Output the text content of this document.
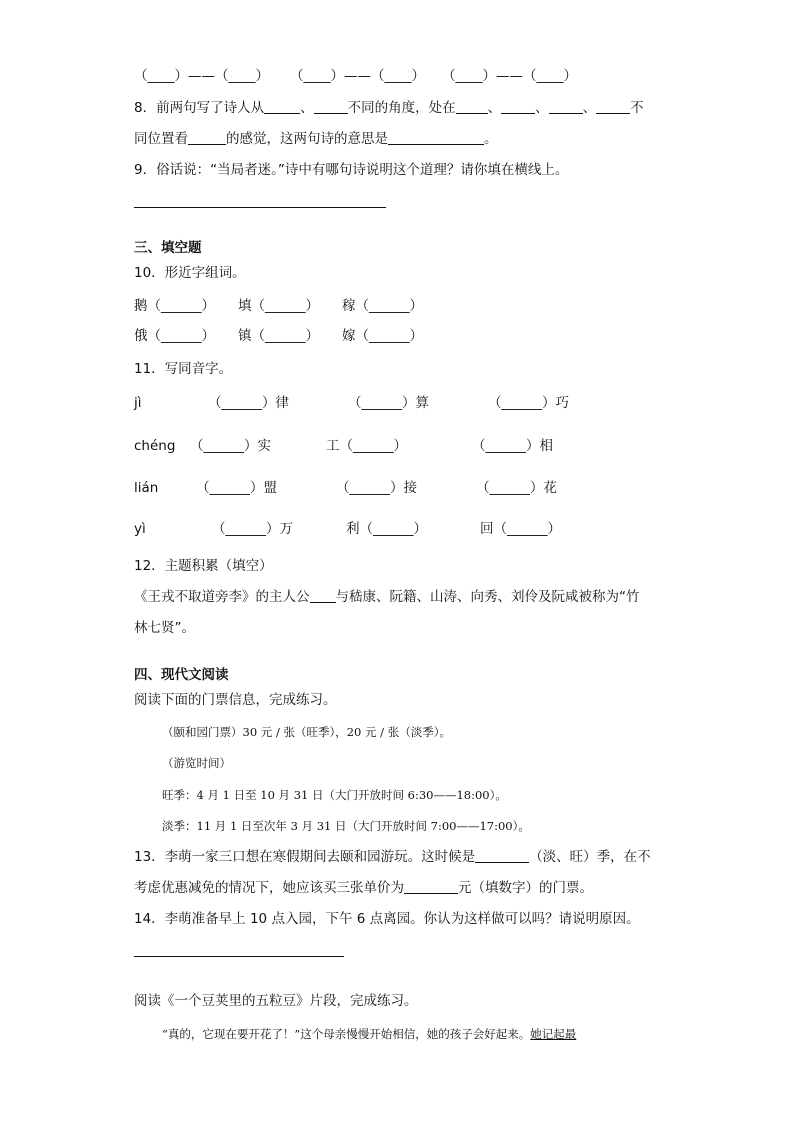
（____）——（____） （____）——（____） （____）——（____）
8．前两句写了诗人从	、	不同的角度，处在 、	、	、	不
同位置看	的感觉，这两句诗的意思是	。
9．俗话说：“当局者迷。”诗中有哪句诗说明这个道理？请你填在横线上。
三、填空题
10．形近字组词。
鹅（______） 填（______） 稼（______）
俄（______） 镇（______） 嫁（______）
11．写同音字。
jì	（______）律	（______）算	（______）巧
chéng （______）实	工（______）	（______）相
lián	（______）盟	（______）接	（______）花
yì	（______）万	利（______）	回（______）
12．主题积累（填空）
《王戎不取道旁李》的主人公 与嵇康、阮籍、山涛、向秀、刘伶及阮咸被称为“竹
林七贤”。
四、现代文阅读
阅读下面的门票信息，完成练习。
（颐和园门票）30 元 / 张（旺季），20 元 / 张（淡季）。
（游览时间）
旺季：4 月 1 日至 10 月 31 日（大门开放时间 6:30——18:00）。
淡季：11 月 1 日至次年 3 月 31 日（大门开放时间 7:00——17:00）。
13．李萌一家三口想在寒假期间去颐和园游玩。这时候是	（淡、旺）季，在不
考虑优惠减免的情况下，她应该买三张单价为	元（填数字）的门票。
14．李萌准备早上 10 点入园，下午 6 点离园。你认为这样做可以吗？请说明原因。
阅读《一个豆荚里的五粒豆》片段，完成练习。
“真的，它现在要开花了！”这个母亲慢慢开始相信，她的孩子会好起来。她记起最
